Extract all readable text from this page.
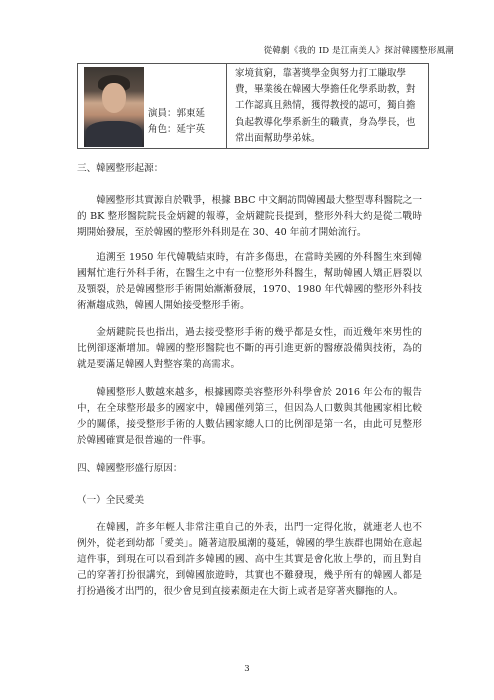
從韓劇《我的 ID 是江南美人》探討韓國整形風潮
演員：郭東延
角色：延宇英
	家境貧窮，靠著獎學金與努力打工賺取學費，畢業後在韓國大學擔任化學系助教，對工作認真且熱情，獲得教授的認可，獨自擔負起教導化學系新生的職責，身為學長，也常出面幫助學弟妹。
三、韓國整形起源：
韓國整形其實源自於戰爭，根據 BBC 中文網訪問韓國最大整型專科醫院之一的 BK 整形醫院院長金炳鍵的報導，金炳鍵院長提到，整形外科大約是從二戰時期開始發展，至於韓國的整形外科則是在 30、40 年前才開始流行。
追溯至 1950 年代韓戰結束時，有許多傷患，在當時美國的外科醫生來到韓國幫忙進行外科手術，在醫生之中有一位整形外科醫生，幫助韓國人矯正唇裂以及顎裂，於是韓國整形手術開始漸漸發展，1970、1980 年代韓國的整形外科技術漸趨成熟，韓國人開始接受整形手術。
金炳鍵院長也指出，過去接受整形手術的幾乎都是女性，而近幾年來男性的比例卻逐漸增加。韓國的整形醫院也不斷的再引進更新的醫療設備與技術，為的就是要滿足韓國人對整容業的高需求。
韓國整形人數越來越多，根據國際美容整形外科學會於 2016 年公布的報告中，在全球整形最多的國家中，韓國僅列第三，但因為人口數與其他國家相比較少的關係，接受整形手術的人數佔國家總人口的比例卻是第一名，由此可見整形於韓國確實是很普遍的一件事。
四、韓國整形盛行原因：
（一）全民愛美
在韓國，許多年輕人非常注重自己的外表，出門一定得化妝，就連老人也不例外，從老到幼都「愛美」。隨著這股風潮的蔓延，韓國的學生族群也開始在意起這件事，到現在可以看到許多韓國的國、高中生其實是會化妝上學的，而且對自己的穿著打扮很講究，到韓國旅遊時，其實也不難發現，幾乎所有的韓國人都是打扮過後才出門的，很少會見到直接素顏走在大街上或者是穿著夾腳拖的人。
3
